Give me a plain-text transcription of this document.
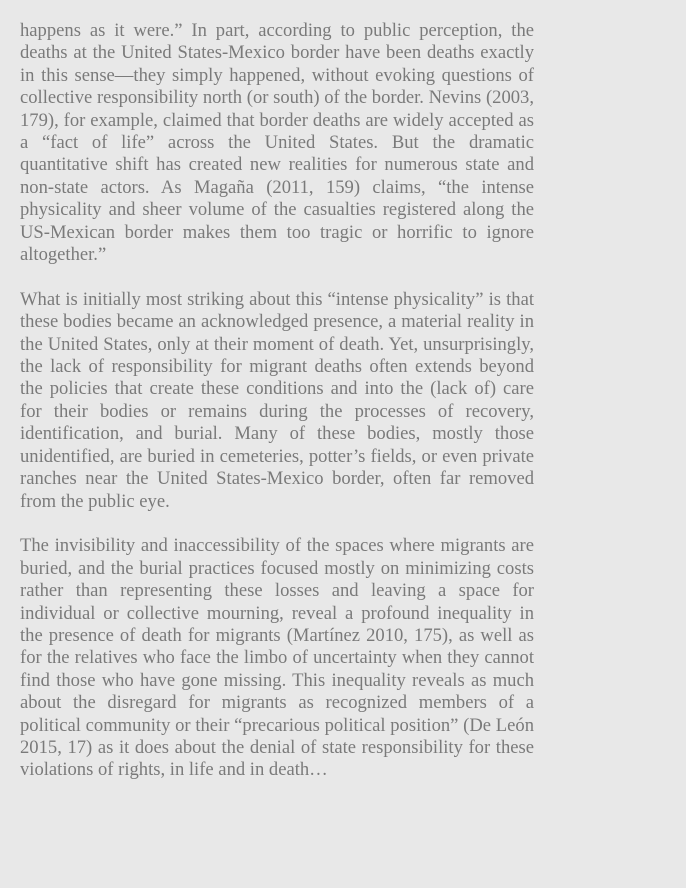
happens as it were.” In part, according to public perception, the deaths at the United States-Mexico border have been deaths exactly in this sense—they simply happened, without evoking questions of collective responsibility north (or south) of the border. Nevins (2003, 179), for example, claimed that border deaths are widely accepted as a “fact of life” across the United States. But the dramatic quantitative shift has created new realities for numerous state and non-state actors. As Magaña (2011, 159) claims, “the intense physicality and sheer volume of the casualties registered along the US-Mexican border makes them too tragic or horrific to ignore altogether.”

What is initially most striking about this “intense physicality” is that these bodies became an acknowledged presence, a material reality in the United States, only at their moment of death. Yet, unsurprisingly, the lack of responsibility for migrant deaths often extends beyond the policies that create these conditions and into the (lack of) care for their bodies or remains during the processes of recovery, identification, and burial. Many of these bodies, mostly those unidentified, are buried in cemeteries, potter’s fields, or even private ranches near the United States-Mexico border, often far removed from the public eye.

The invisibility and inaccessibility of the spaces where migrants are buried, and the burial practices focused mostly on minimizing costs rather than representing these losses and leaving a space for individual or collective mourning, reveal a profound inequality in the presence of death for migrants (Martínez 2010, 175), as well as for the relatives who face the limbo of uncertainty when they cannot find those who have gone missing. This inequality reveals as much about the disregard for migrants as recognized members of a political community or their “precarious political position” (De León 2015, 17) as it does about the denial of state responsibility for these violations of rights, in life and in death…
